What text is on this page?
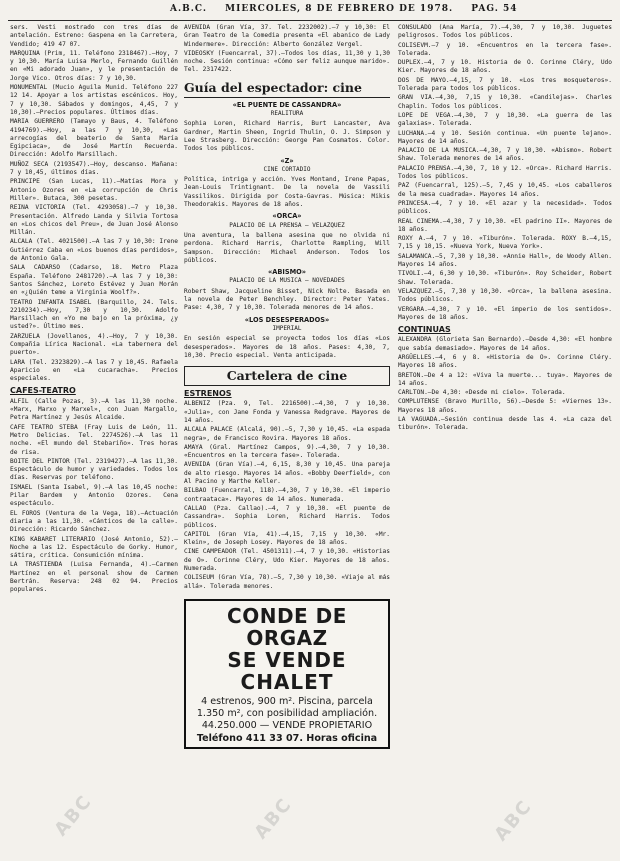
A.B.C. MIERCOLES, 8 DE FEBRERO DE 1978. PAG. 54

sers. Vesti mostrado con tres días de antelación. Estreno: Gaspena en la Carretera, Vendido; 419 47 07.

MARQUINA (Prim, 11. Teléfono 2318467).—Hoy, 7 y 10,30. María Luisa Merlo, Fernando Guillén en «Mi adorado Juan», y le presentación de Jorge Vico. Otros días: 7 y 10,30.

MONUMENTAL (Mucio Aguila Munid. Teléfono 227 12 14. Apoyar a los artistas escénicos. Hoy, 7 y 10,30. Sábados y domingos, 4,45, 7 y 10,30).—Precios populares. Últimos días.

MARIA GUERRERO (Tamayo y Baus, 4. Teléfono 4194769).—Hoy, a las 7 y 10,30, «Las arrecogías del beaterio de Santa María Egipciaca», de José Martín Recuerda. Dirección: Adolfo Marsillach.

MUÑOZ SECA (2193547).—Hoy, descanso. Mañana: 7 y 10,45, últimos días.

PRINCIPE (San Lucas, 11).—Matías Mora y Antonio Ozores en «La corrupción de Chris Miller». Butaca, 300 pesetas.

REINA VICTORIA (Tel. 4293058).—7 y 10,30. Presentación. Alfredo Landa y Silvia Tortosa en «Los chicos del Preu», de Juan José Alonso Millán.

ALCALA (Tel. 4021500).—A las 7 y 10,30: Irene Gutiérrez Caba en «Los buenos días perdidos», de Antonio Gala.

SALA CADARSO (Cadarso, 18. Metro Plaza España. Teléfono 2481720).—A las 7 y 10,30: Santos Sánchez, Loreto Estévez y Juan Morán en «¿Quién teme a Virginia Woolf?».

TEATRO INFANTA ISABEL (Barquillo, 24. Tels. 2210234).—Hoy, 7,30 y 10,30. Adolfo Marsillach en «Yo me bajo en la próxima, ¿y usted?». Último mes.

ZARZUELA (Jovellanos, 4).—Hoy, 7 y 10,30. Compañía Lírica Nacional. «La tabernera del puerto».

LARA (Tel. 2323829).—A las 7 y 10,45. Rafaela Aparicio en «La cucaracha». Precios especiales.

CAFES-TEATRO

ALFIL (Calle Pozas, 3).—A las 11,30 noche. «Marx, Marxo y Marxel», con Juan Margallo, Petra Martínez y Jesús Alcaide.

CAFE TEATRO STEBA (Fray Luis de León, 11. Metro Delicias. Tel. 2274526).—A las 11 noche. «El mundo del Stebariño». Tres horas de risa.

BOITE DEL PINTOR (Tel. 2319427).—A las 11,30. Espectáculo de humor y variedades. Todos los días. Reservas por teléfono.

ISMAEL (Santa Isabel, 9).—A las 10,45 noche: Pilar Bardem y Antonio Ozores. Cena espectáculo.

EL FOROS (Ventura de la Vega, 18).—Actuación diaria a las 11,30. «Cánticos de la calle». Dirección: Ricardo Sánchez.

KING KABARET LITERARIO (José Antonio, 52).—Noche a las 12. Espectáculo de Gorky. Humor, sátira, crítica. Consumición mínima.

LA TRASTIENDA (Luisa Fernanda, 4).—Carmen Martínez en el personal show de Carmen Bertrán. Reserva: 248 02 94. Precios populares.

AVENIDA (Gran Vía, 37. Tel. 2232002).—7 y 10,30: El Gran Teatro de la Comedia presenta «El abanico de Lady Windermere». Dirección: Alberto González Vergel.

VIDEOSKY (Fuencarral, 37).—Todos los días, 11,30 y 1,30 noche. Sesión continua: «Cómo ser feliz aunque marido». Tel. 2317422.

Guía del espectador: cine
«EL PUENTE DE CASSANDRA»
REALITURA

Sophia Loren, Richard Harris, Burt Lancaster, Ava Gardner, Martin Sheen, Ingrid Thulin, O. J. Simpson y Lee Strasberg. Dirección: George Pan Cosmatos. Color. Todos los públicos.

«Z»
CINE CORTADIO

Política, intriga y acción. Yves Montand, Irene Papas, Jean-Louis Trintignant. De la novela de Vassili Vassilikos. Dirigida por Costa-Gavras. Música: Mikis Theodorakis. Mayores de 18 años.

«ORCA»
PALACIO DE LA PRENSA — VELAZQUEZ

Una aventura, la ballena asesina que no olvida ni perdona. Richard Harris, Charlotte Rampling, Will Sampson. Dirección: Michael Anderson. Todos los públicos.

«ABISMO»
PALACIO DE LA MUSICA — NOVEDADES

Robert Shaw, Jacqueline Bisset, Nick Nolte. Basada en la novela de Peter Benchley. Director: Peter Yates. Pase: 4,30, 7 y 10,30. Tolerada menores de 14 años.

«LOS DESESPERADOS»
IMPERIAL

En sesión especial se proyecta todos los días «Los desesperados». Mayores de 18 años. Pases: 4,30, 7, 10,30. Precio especial. Venta anticipada.

Cartelera de cine
ESTRENOS

ALBENIZ (Pza. 9, Tel. 2216500).—4,30, 7 y 10,30. «Julia», con Jane Fonda y Vanessa Redgrave. Mayores de 14 años.

ALCALA PALACE (Alcalá, 90).—5, 7,30 y 10,45. «La espada negra», de Francisco Rovira. Mayores 18 años.

AMAYA (Gral. Martínez Campos, 9).—4,30, 7 y 10,30. «Encuentros en la tercera fase». Tolerada.

AVENIDA (Gran Vía).—4, 6,15, 8,30 y 10,45. Una pareja de alto riesgo. Mayores 14 años. «Bobby Deerfield», con Al Pacino y Marthe Keller.

BILBAO (Fuencarral, 118).—4,30, 7 y 10,30. «El imperio contraataca». Mayores de 14 años. Numerada.

CALLAO (Pza. Callao).—4, 7 y 10,30. «El puente de Cassandra». Sophia Loren, Richard Harris. Todos públicos.

CAPITOL (Gran Vía, 41).—4,15, 7,15 y 10,30. «Mr. Klein», de Joseph Losey. Mayores de 18 años.

CINE CAMPEADOR (Tel. 4501311).—4, 7 y 10,30. «Historias de O». Corinne Cléry, Udo Kier. Mayores de 18 años. Numerada.

COLISEUM (Gran Vía, 78).—5, 7,30 y 10,30. «Viaje al más allá». Tolerada menores.

CONDE DE ORGAZ
SE VENDE CHALET
4 estrenos, 900 m². Piscina, parcela 1.350 m², con posibilidad ampliación. 44.250.000 — VENDE PROPIETARIO
Teléfono 411 33 07. Horas oficina

CONSULADO (Ana María, 7).—4,30, 7 y 10,30. Juguetes peligrosos. Todos los públicos.

COLISEVM.—7 y 10. «Encuentros en la tercera fase». Tolerada.

DUPLEX.—4, 7 y 10. Historia de O. Corinne Cléry, Udo Kier. Mayores de 18 años.

DOS DE MAYO.—4,15, 7 y 10. «Los tres mosqueteros». Tolerada para todos los públicos.

GRAN VIA.—4,30, 7,15 y 10,30. «Candilejas». Charles Chaplin. Todos los públicos.

LOPE DE VEGA.—4,30, 7 y 10,30. «La guerra de las galaxias». Tolerada.

LUCHANA.—4 y 10. Sesión continua. «Un puente lejano». Mayores de 14 años.

PALACIO DE LA MUSICA.—4,30, 7 y 10,30. «Abismo». Robert Shaw. Tolerada menores de 14 años.

PALACIO PRENSA.—4,30, 7, 10 y 12. «Orca». Richard Harris. Todos los públicos.

PAZ (Fuencarral, 125).—5, 7,45 y 10,45. «Los caballeros de la mesa cuadrada». Mayores 14 años.

PRINCESA.—4, 7 y 10. «El azar y la necesidad». Todos públicos.

REAL CINEMA.—4,30, 7 y 10,30. «El padrino II». Mayores de 18 años.

ROXY A.—4, 7 y 10. «Tiburón». Tolerada. ROXY B.—4,15, 7,15 y 10,15. «Nueva York, Nueva York».

SALAMANCA.—5, 7,30 y 10,30. «Annie Hall», de Woody Allen. Mayores 14 años.

TIVOLI.—4, 6,30 y 10,30. «Tiburón». Roy Scheider, Robert Shaw. Tolerada.

VELAZQUEZ.—5, 7,30 y 10,30. «Orca», la ballena asesina. Todos públicos.

VERGARA.—4,30, 7 y 10. «El imperio de los sentidos». Mayores de 18 años.

CONTINUAS

ALEXANDRA (Glorieta San Bernardo).—Desde 4,30: «El hombre que sabía demasiado». Mayores de 14 años.

ARGÜELLES.—4, 6 y 8. «Historia de O». Corinne Cléry. Mayores 18 años.

BRETON.—De 4 a 12: «Viva la muerte... tuya». Mayores de 14 años.

CARLTON.—De 4,30: «Desde mi cielo». Tolerada.

COMPLUTENSE (Bravo Murillo, 56).—Desde 5: «Viernes 13». Mayores 18 años.

LA VAGUADA.—Sesión continua desde las 4. «La caza del tiburón». Tolerada.

ABC	ABC	ABC
